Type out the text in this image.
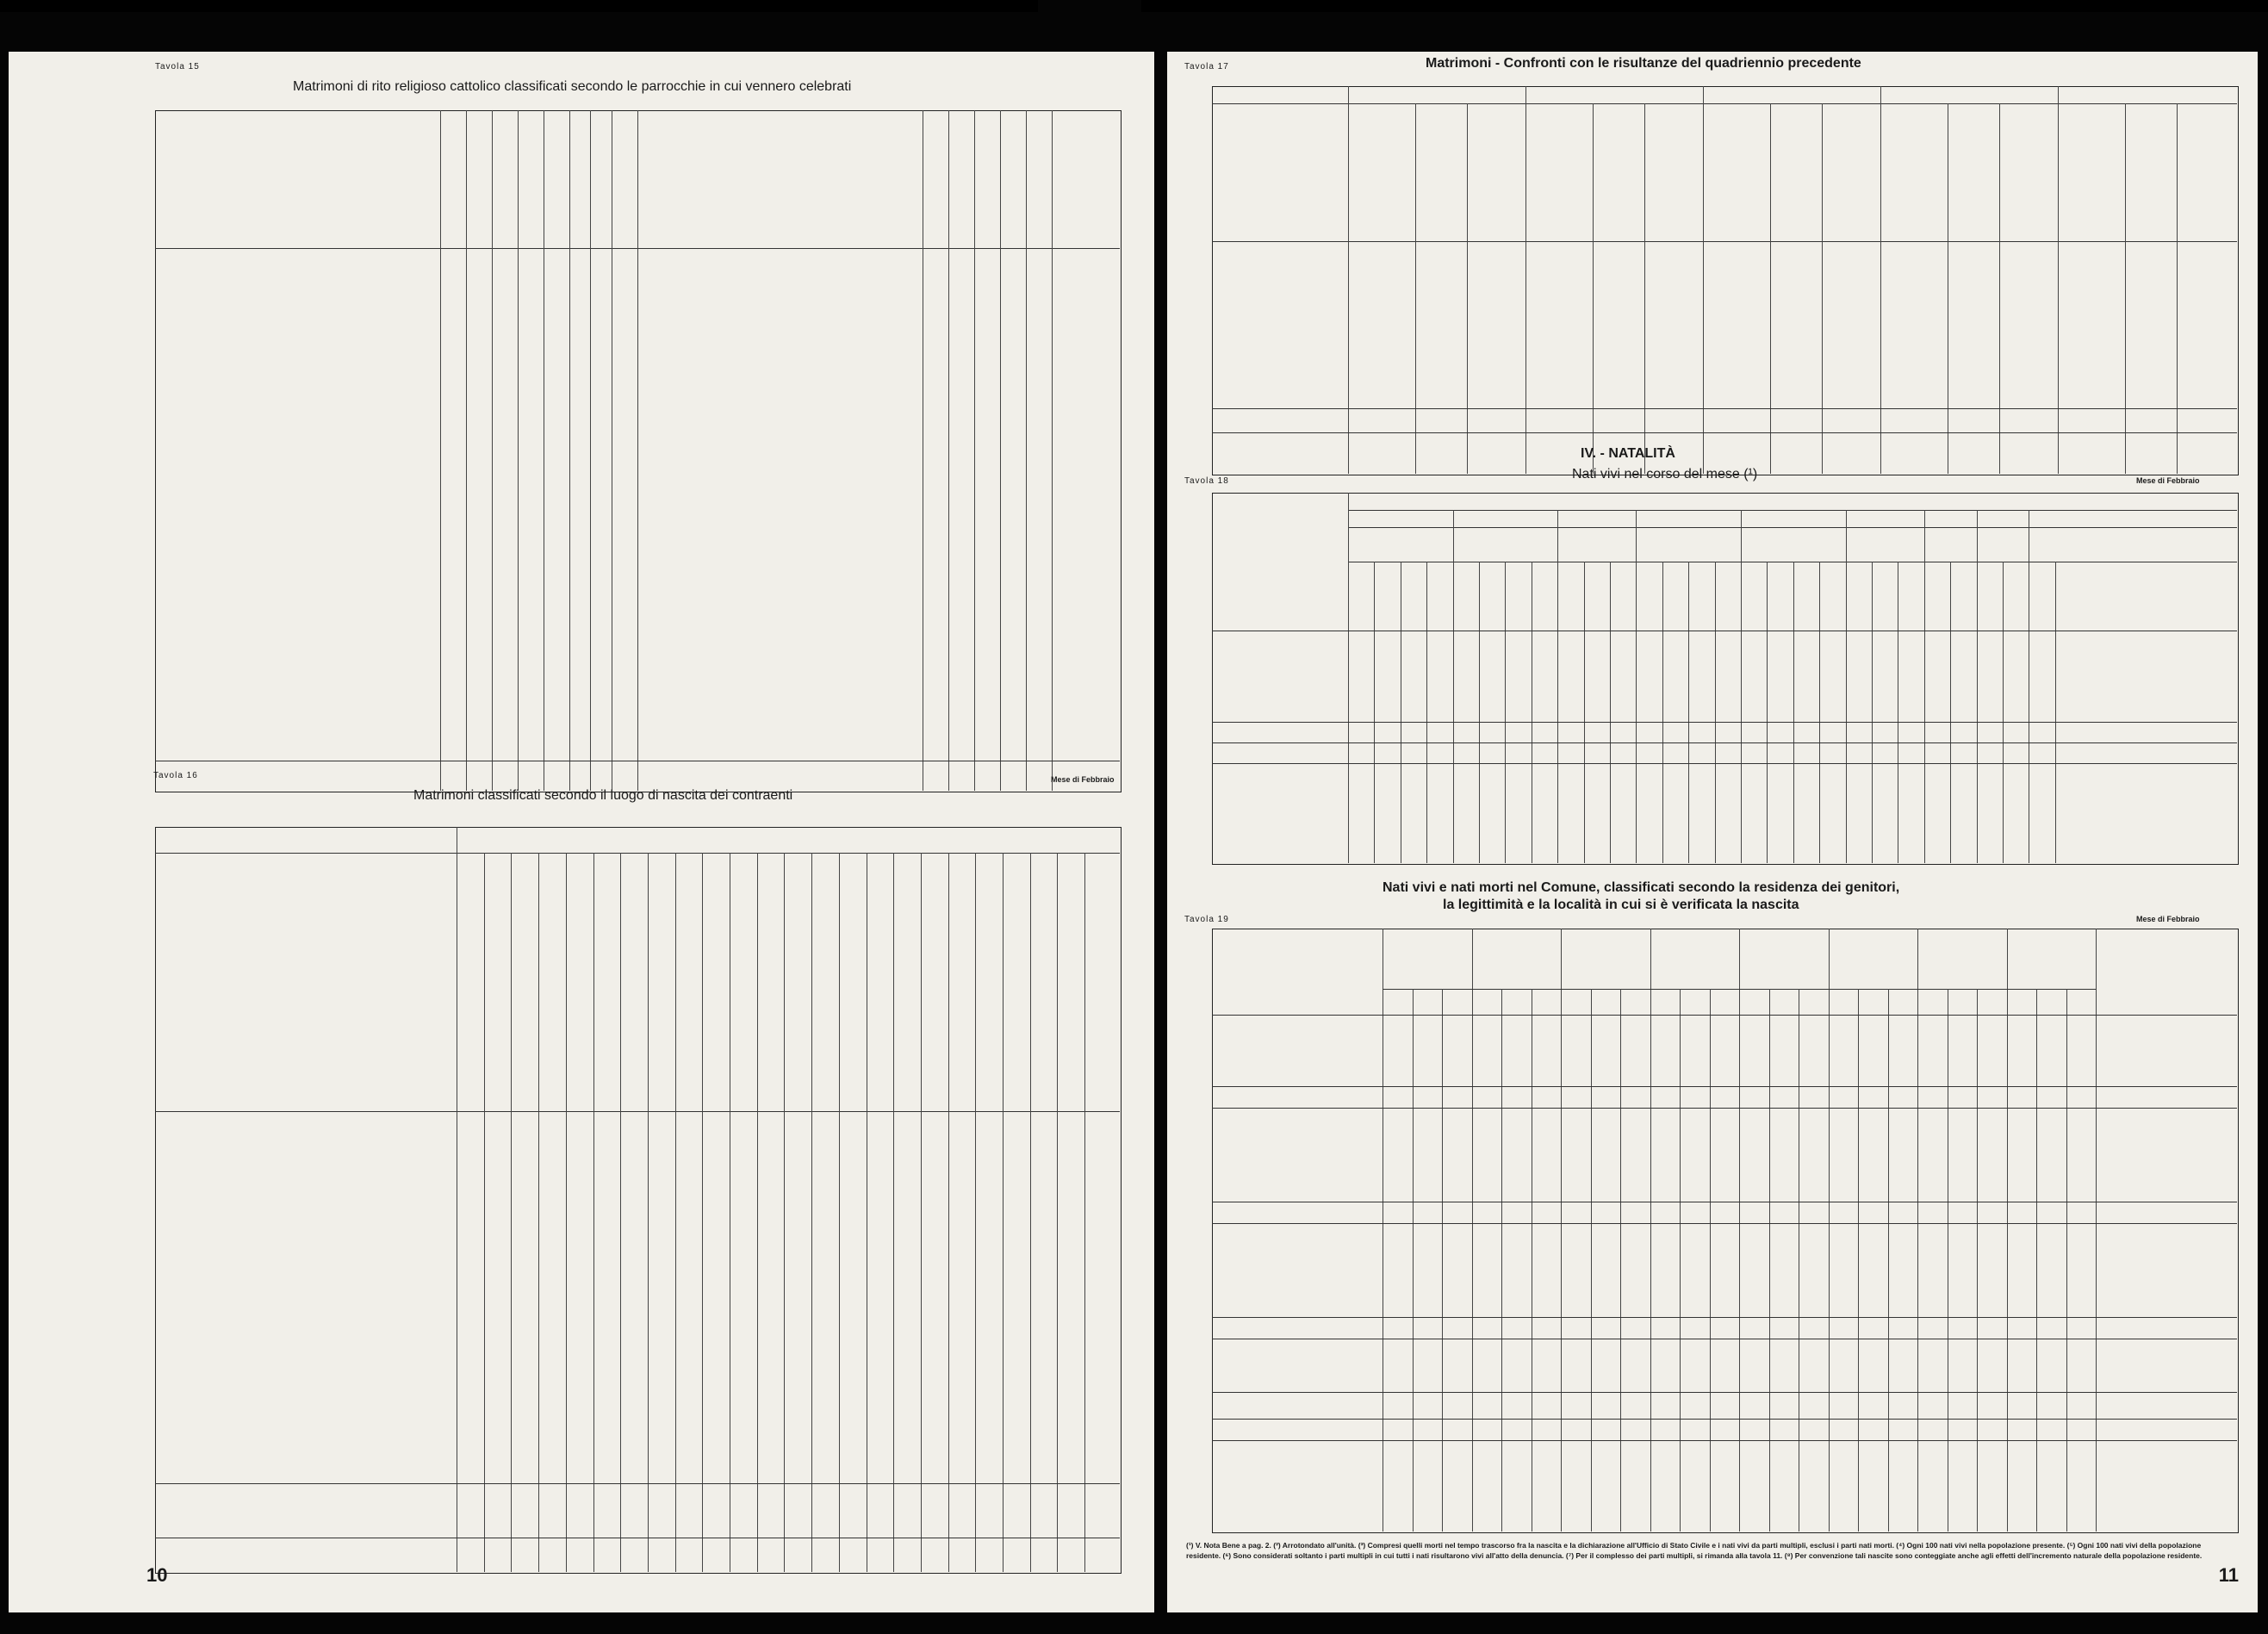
Tavola 15
Matrimoni di rito religioso cattolico classificati secondo le parrocchie in cui vennero celebrati
Tavola 16
Matrimoni classificati secondo il luogo di nascita dei contraenti
Mese di Febbraio
10
Tavola 17	Matrimoni - Confronti con le risultanze del quadriennio precedente
IV. - NATALITÀ
Tavola 18	Nati vivi nel corso del mese (¹)	Mese di Febbraio
Nati vivi e nati morti nel Comune, classificati secondo la residenza dei genitori,
la legittimità e la località in cui si è verificata la nascita
Tavola 19	Mese di Febbraio
(¹) V. Nota Bene a pag. 2. (²) Arrotondato all'unità. (³) Compresi quelli morti nel tempo trascorso fra la nascita e la dichiarazione all'Ufficio di Stato Civile e i nati vivi da parti multipli, esclusi i parti nati morti. (⁴) Ogni 100 nati vivi nella popolazione presente. (⁵) Ogni 100 nati vivi della popolazione residente. (⁶) Sono considerati soltanto i parti multipli in cui tutti i nati risultarono vivi all'atto della denuncia. (⁷) Per il complesso dei parti multipli, si rimanda alla tavola 11. (⁸) Per convenzione tali nascite sono conteggiate anche agli effetti dell'incremento naturale della popolazione residente.
11
